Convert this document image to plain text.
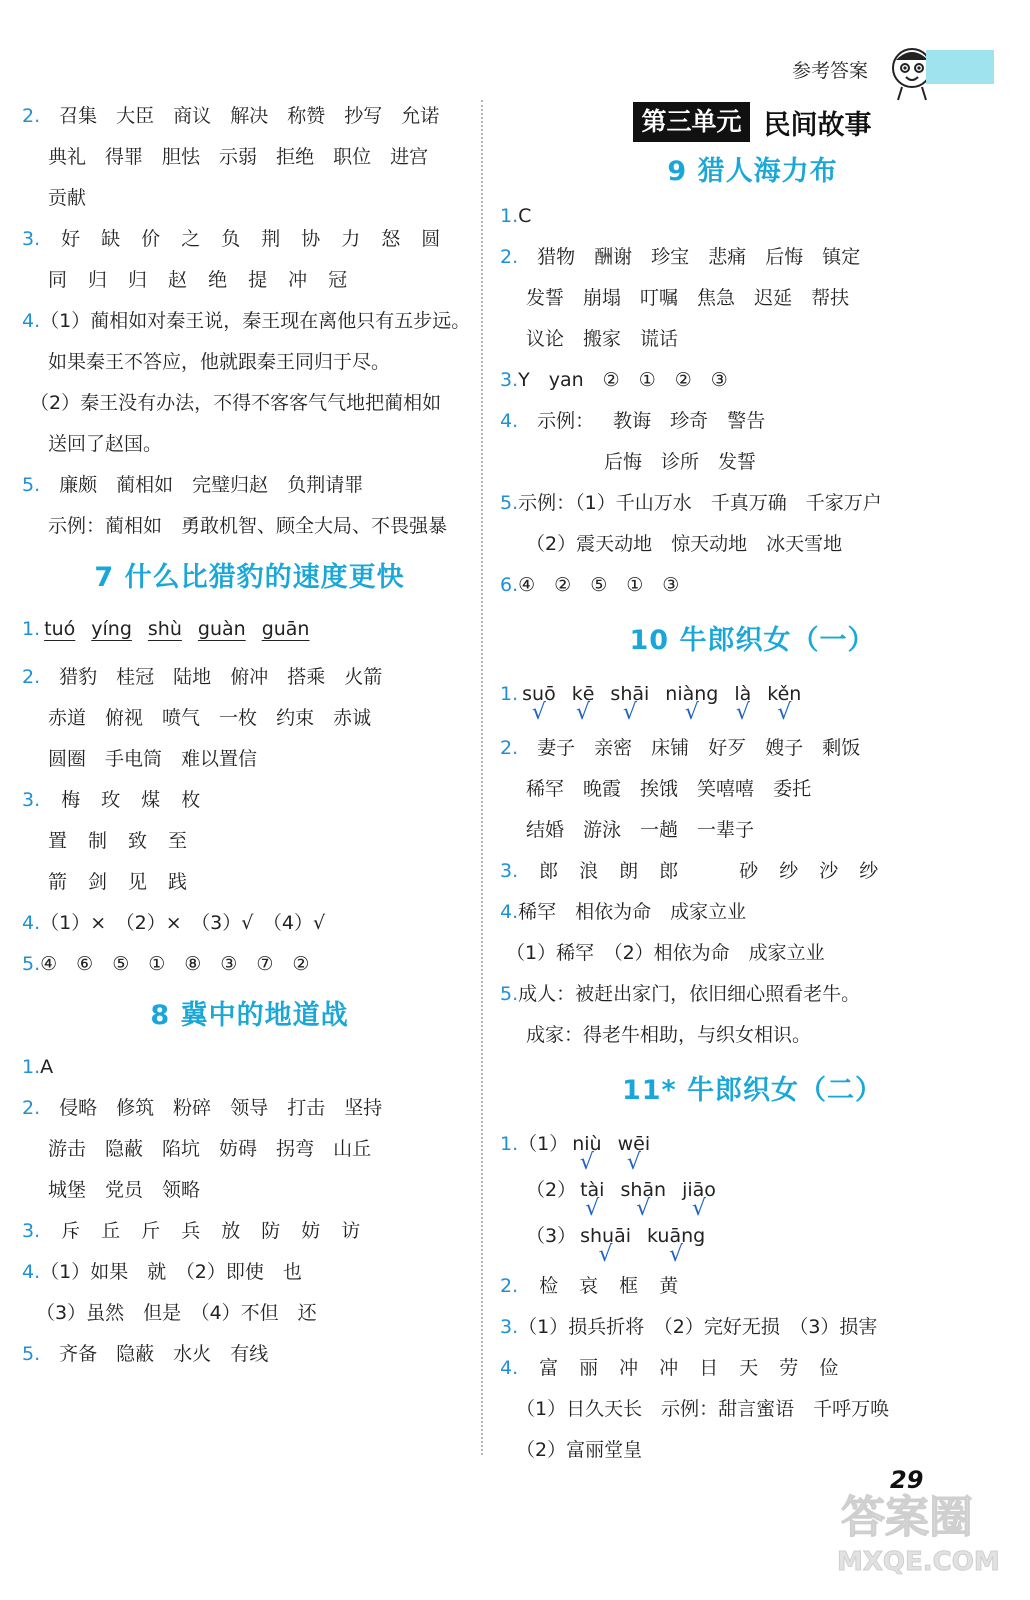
参考答案
2. 召集 大臣 商议 解决 称赞 抄写 允诺
典礼 得罪 胆怯 示弱 拒绝 职位 进宫
贡献
3. 好 缺 价 之 负 荆 协 力 怒 圆
同 归 归 赵 绝 提 冲 冠
4.（1）蔺相如对秦王说，秦王现在离他只有五步远。
如果秦王不答应，他就跟秦王同归于尽。
（2）秦王没有办法，不得不客客气气地把蔺相如
送回了赵国。
5. 廉颇 蔺相如 完璧归赵 负荆请罪
示例：蔺相如　勇敢机智、顾全大局、不畏强暴
7 什么比猎豹的速度更快
1. tuó yíng shù guàn guān
2. 猎豹 桂冠 陆地 俯冲 搭乘 火箭
赤道 俯视 喷气 一枚 约束 赤诚
圆圈 手电筒 难以置信
3. 梅 玫 煤 枚
置 制 致 至
箭 剑 见 践
4.（1）×　（2）×　（3）√　（4）√
5.④　⑥　⑤　①　⑧　③　⑦　②
8 冀中的地道战
1.A
2. 侵略 修筑 粉碎 领导 打击 坚持
游击 隐蔽 陷坑 妨碍 拐弯 山丘
城堡 党员 领略
3. 斥 丘 斤 兵 放 防 妨 访
4.（1）如果　就　（2）即使　也
（3）虽然　但是　（4）不但　还
5. 齐备 隐蔽 水火 有线
第三单元 民间故事
9 猎人海力布
1.C
2. 猎物 酬谢 珍宝 悲痛 后悔 镇定
发誓 崩塌 叮嘱 焦急 迟延 帮扶
议论 搬家 谎话
3.Y　yan　②　①　②　③
4. 示例： 教诲 珍奇 警告
后悔 诊所 发誓
5.示例：（1）千山万水　千真万确　千家万户
（2）震天动地　惊天动地　冰天雪地
6.④　②　⑤　①　③
10 牛郎织女（一）
1. suō
√
kē
√
shāi
√
niàng
√
là
√
kěn
√
2. 妻子 亲密 床铺 好歹 嫂子 剩饭
稀罕 晚霞 挨饿 笑嘻嘻 委托
结婚 游泳 一趟 一辈子
3. 郎 浪 朗 郎　	砂 纱 沙 纱
4.稀罕　相依为命　成家立业
（1）稀罕　（2）相依为命　成家立业
5.成人：被赶出家门，依旧细心照看老牛。
成家：得老牛相助，与织女相识。
11* 牛郎织女（二）
1.（1） niù
√
wēi
√
（2） tài
√
shān
√
jiāo
√
（3） shuāi
√
kuāng
√
2. 检 哀 框 黄
3.（1）损兵折将　（2）完好无损　（3）损害
4. 富 丽 冲 冲 日 天 劳 俭
（1）日久天长　示例：甜言蜜语　千呼万唤
（2）富丽堂皇
29
答案圈
MXQE.COM
